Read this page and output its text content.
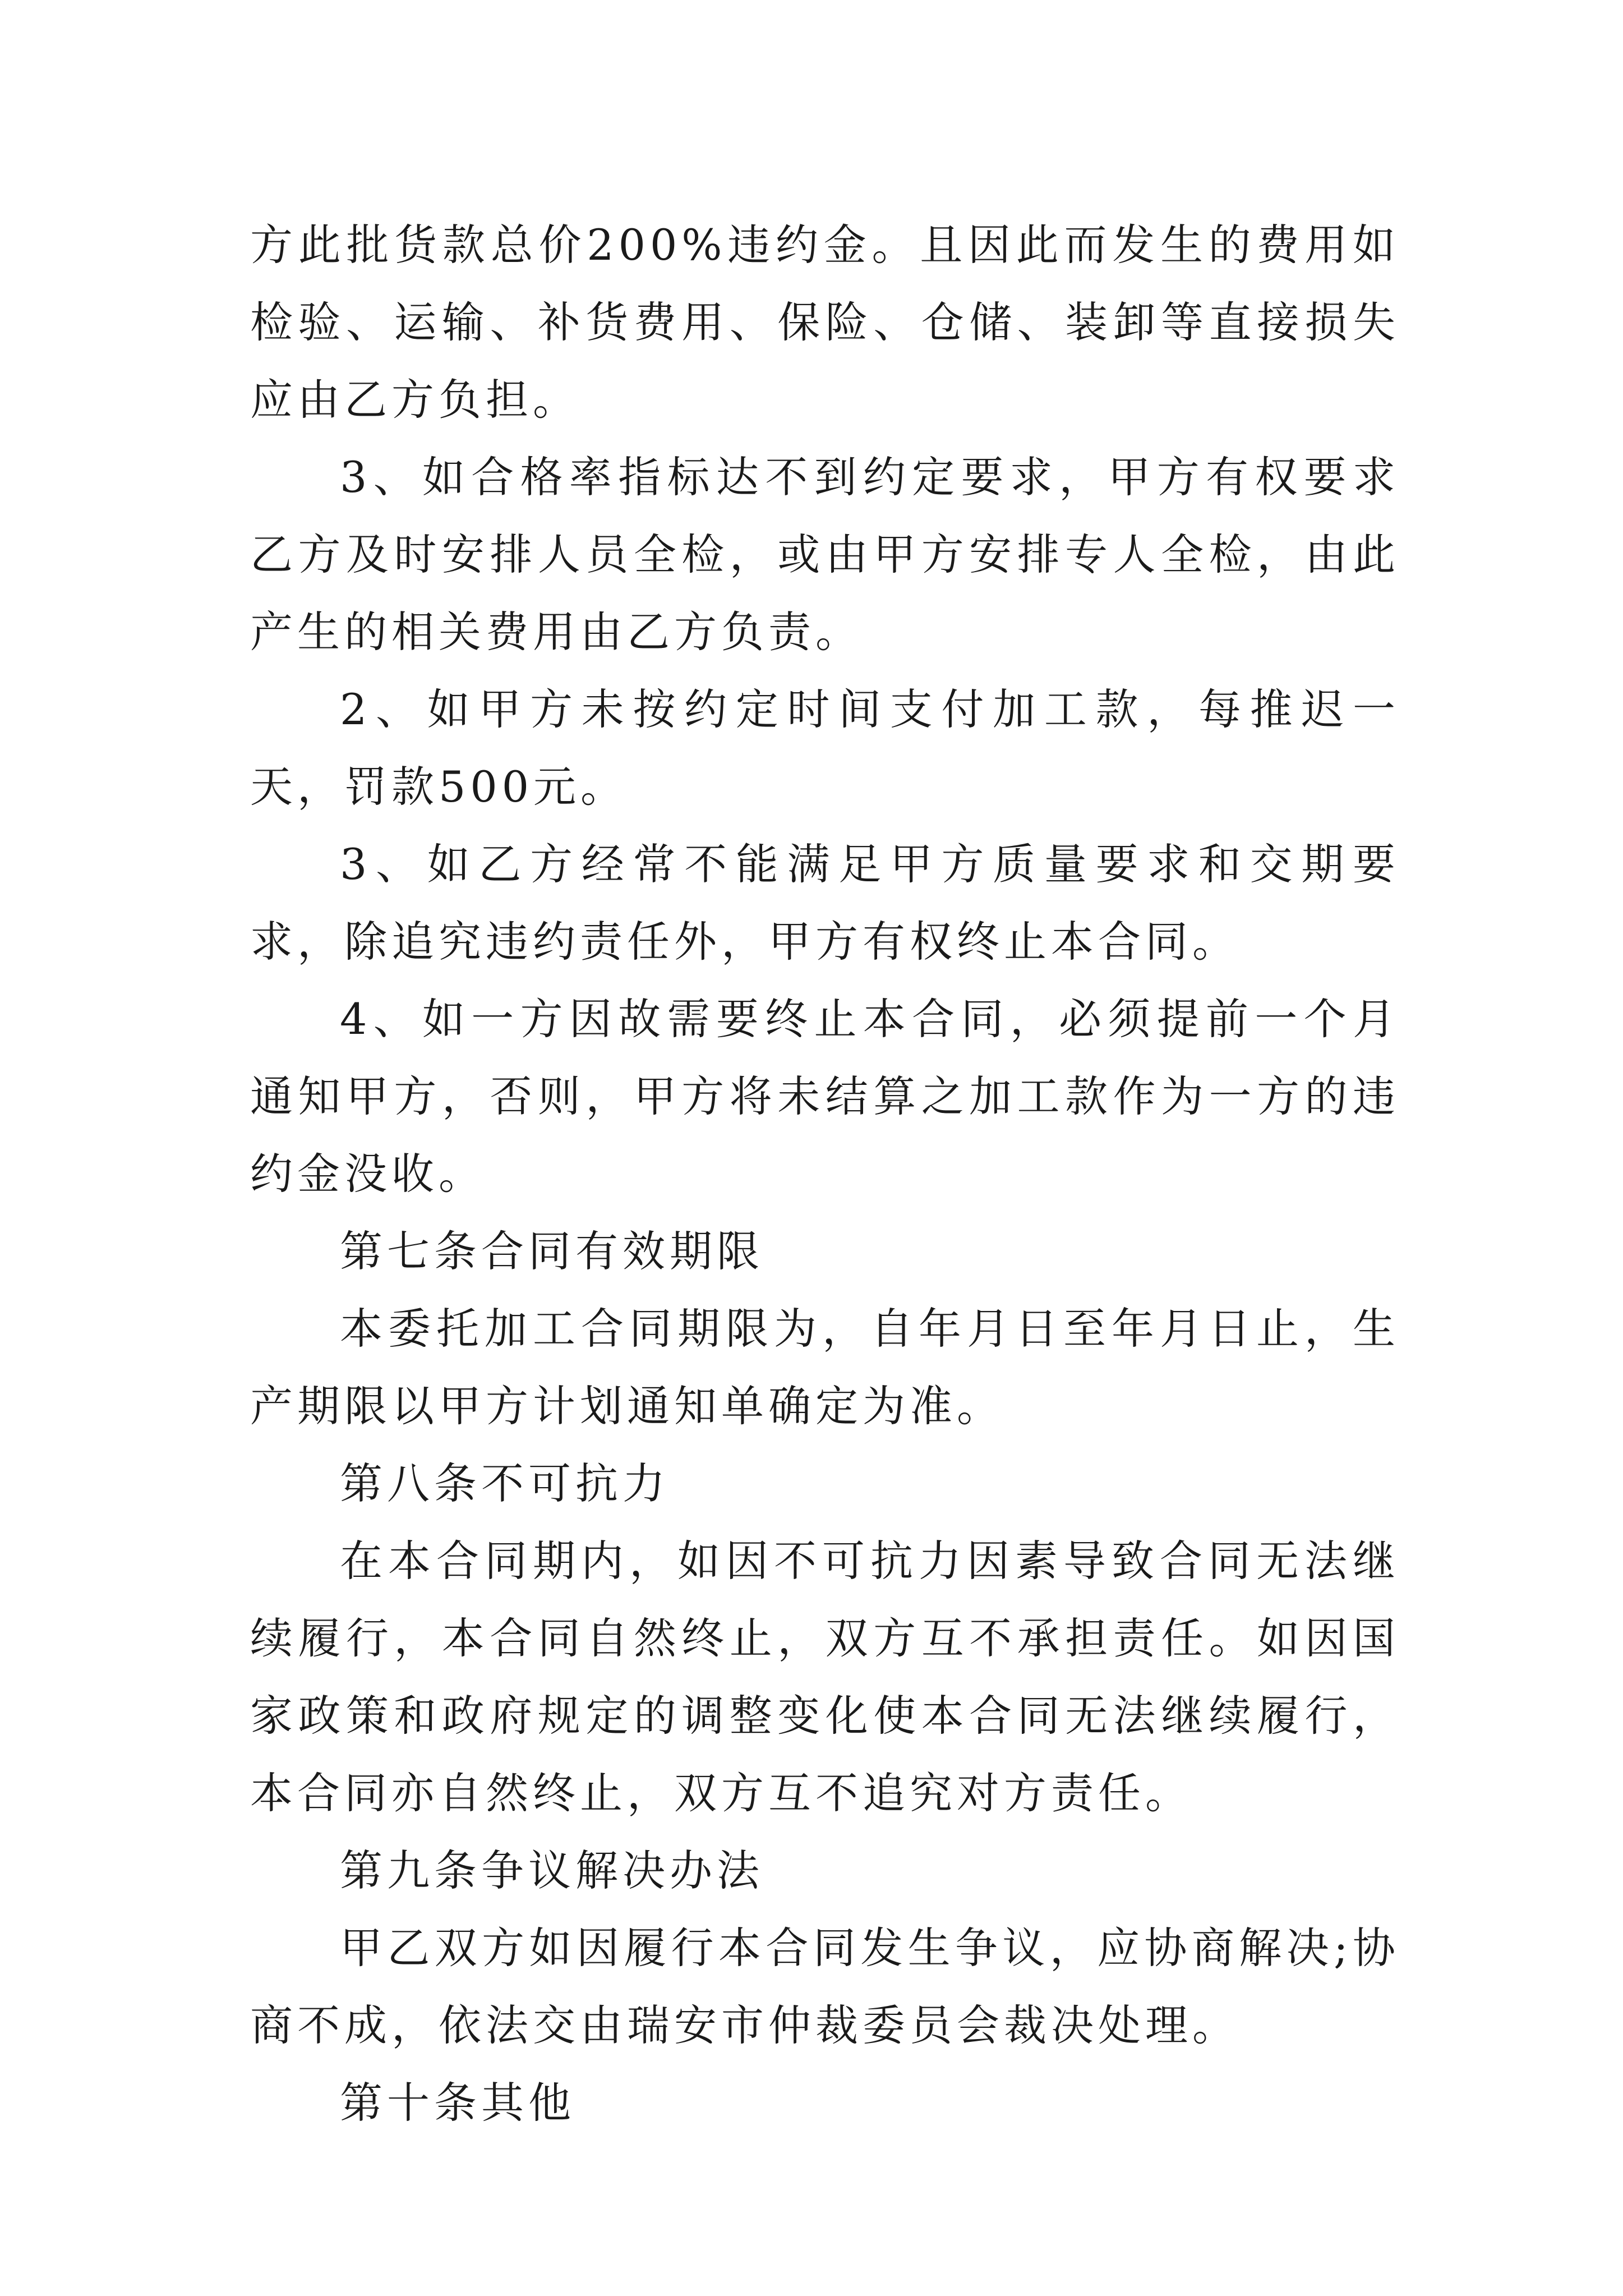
方此批货款总价200%违约金。且因此而发生的费用如检验、运输、补货费用、保险、仓储、装卸等直接损失应由乙方负担。

3、如合格率指标达不到约定要求，甲方有权要求乙方及时安排人员全检，或由甲方安排专人全检，由此产生的相关费用由乙方负责。

2、如甲方未按约定时间支付加工款，每推迟一天，罚款500元。

3、如乙方经常不能满足甲方质量要求和交期要求，除追究违约责任外，甲方有权终止本合同。

4、如一方因故需要终止本合同，必须提前一个月通知甲方，否则，甲方将未结算之加工款作为一方的违约金没收。

第七条合同有效期限

本委托加工合同期限为，自年月日至年月日止，生产期限以甲方计划通知单确定为准。

第八条不可抗力

在本合同期内，如因不可抗力因素导致合同无法继续履行，本合同自然终止，双方互不承担责任。如因国家政策和政府规定的调整变化使本合同无法继续履行，本合同亦自然终止，双方互不追究对方责任。

第九条争议解决办法

甲乙双方如因履行本合同发生争议，应协商解决;协商不成，依法交由瑞安市仲裁委员会裁决处理。

第十条其他
